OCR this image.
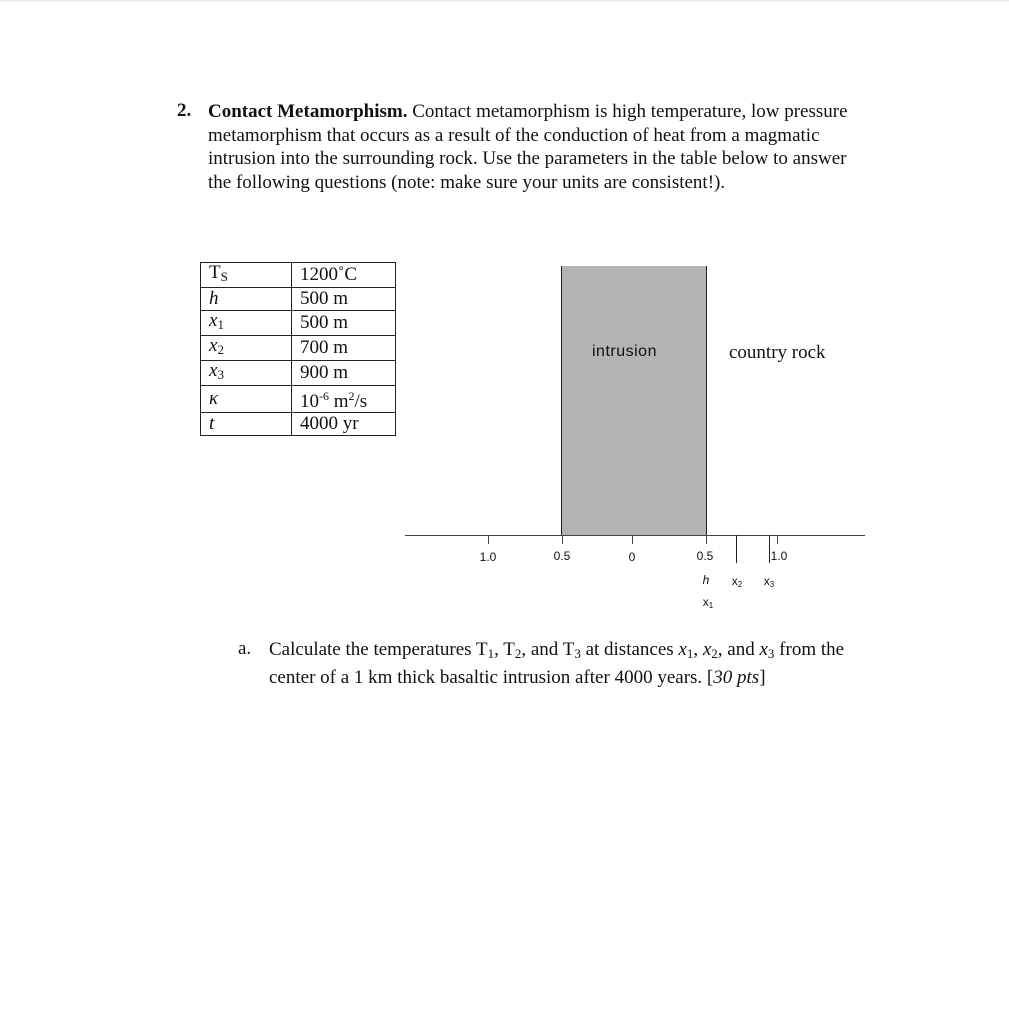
2. Contact Metamorphism. Contact metamorphism is high temperature, low pressure metamorphism that occurs as a result of the conduction of heat from a magmatic intrusion into the surrounding rock. Use the parameters in the table below to answer the following questions (note: make sure your units are consistent!).
$T_S$	1200˚C
h	500 m
$x_1$	500 m
$x_2$	700 m
$x_3$	900 m
κ	$10^{-6}$ $m^2/s$
t	4000 yr
intrusion	country rock
1.0	0.5	0	0.5	1.0
h $x_2$ $x_3$
$x_1$
a. Calculate the temperatures $T_1$, $T_2$, and $T_3$ at distances $x_1$, $x_2$, and $x_3$ from the center of a 1 km thick basaltic intrusion after 4000 years. [30 pts]
